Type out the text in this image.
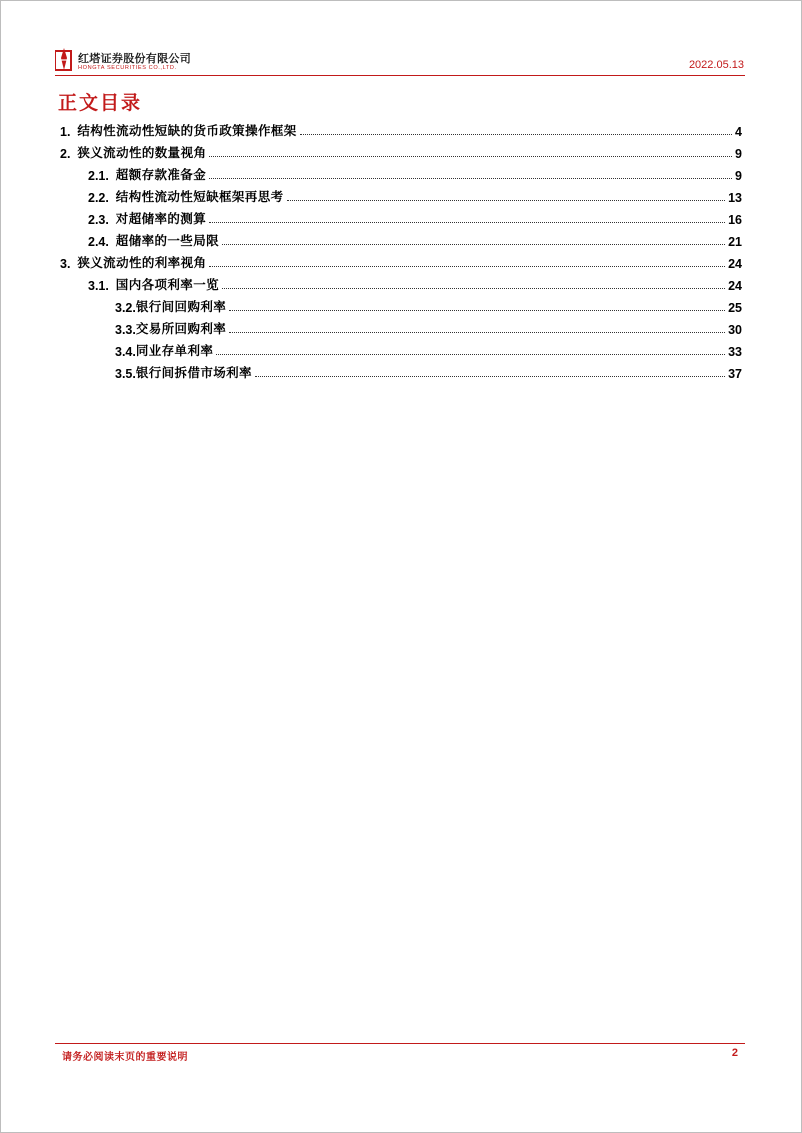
红塔证券股份有限公司
HONGTA SECURITIES CO.,LTD.	2022.05.13
正文目录
1. 结构性流动性短缺的货币政策操作框架	4
2. 狭义流动性的数量视角	9
2.1. 超额存款准备金	9
2.2. 结构性流动性短缺框架再思考	13
2.3. 对超储率的测算	16
2.4. 超储率的一些局限	21
3. 狭义流动性的利率视角	24
3.1. 国内各项利率一览	24
3.2. 银行间回购利率	25
3.3. 交易所回购利率	30
3.4. 同业存单利率	33
3.5. 银行间拆借市场利率	37
请务必阅读末页的重要说明	2
